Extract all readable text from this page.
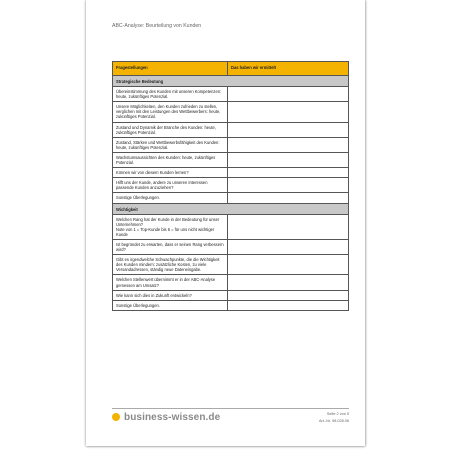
ABC-Analyse: Beurteilung von Kunden
Fragestellungen	Das haben wir ermittelt
Strategische Bedeutung	
Übereinstimmung des Kunden mit unseren Kompetenzen: heute, zukünftiges Potenzial.	
Unsere Möglichkeiten, den Kunden zufrieden zu stellen, verglichen mit den Leistungen des Wettbewerbers: heute, zukünftiges Potenzial.	
Zustand und Dynamik der Branche des Kunden: heute, zukünftiges Potenzial.	
Zustand, Stärken und Wettbewerbsfähigkeit des Kunden: heute, zukünftiges Potenzial.	
Wachstumsaussichten des Kunden: heute, zukünftiges Potenzial.	
Können wir von diesem Kunden lernen?	
Hilft uns der Kunde, andere zu unseren Interessen passende Kunden anzuziehen?	
Sonstige Überlegungen.	
Wichtigkeit	
Welchen Rang hat der Kunde in der Bedeutung für unser Unternehmen?
Note von 1 = Top-Kunde bis 6 = für uns nicht wichtiger Kunde	
Ist begründet zu erwarten, dass er seinen Rang verbessern wird?	
Gibt es irgendwelche Schwachpunkte, die die Wichtigkeit des Kunden mindern: zusätzliche Kosten, zu viele Versandadressen, ständig neue Dateneingabe.	
Welchen Stellenwert übernimmt er in der ABC-Analyse gemessen am Umsatz?	
Wie kann sich dies in Zukunft entwickeln?	
Sonstige Überlegungen.	
business-wissen.de	Seite 2 von 5
Art.-Nr. 98.028.06
